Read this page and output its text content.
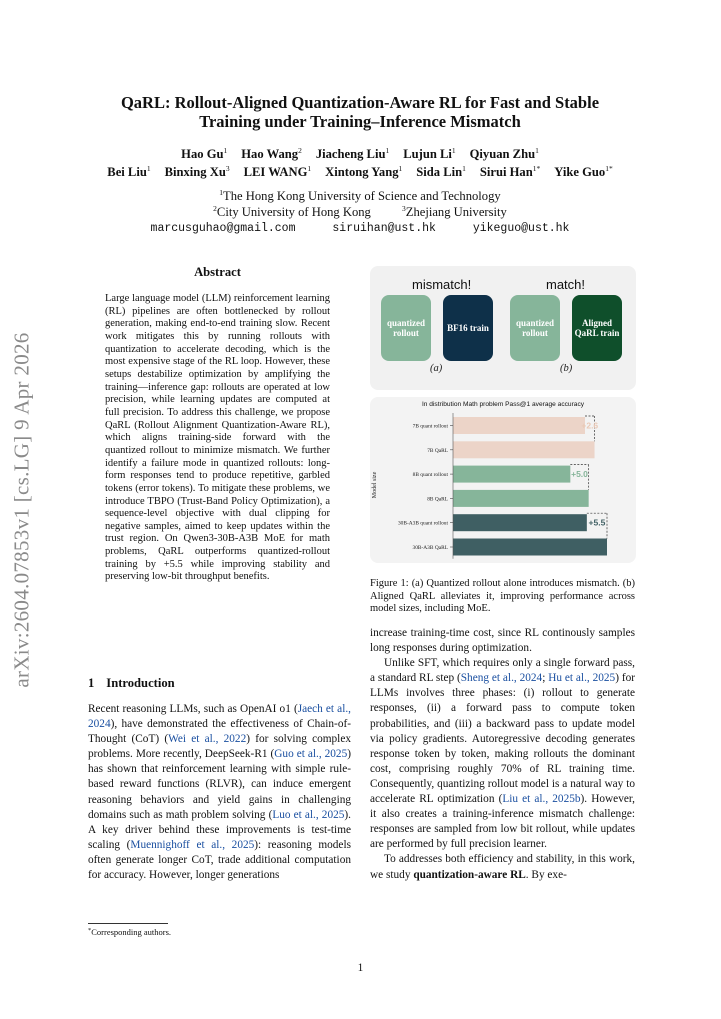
arXiv:2604.07853v1 [cs.LG] 9 Apr 2026
QaRL: Rollout-Aligned Quantization-Aware RL for Fast and Stable
Training under Training–Inference Mismatch
Hao Gu$^1$ Hao Wang$^2$ Jiacheng Liu$^1$ Lujun Li$^1$ Qiyuan Zhu$^1$
Bei Liu$^1$ Binxing Xu$^3$ LEI WANG$^1$ Xintong Yang$^1$ Sida Lin$^1$ Sirui Han$^{1*}$ Yike Guo$^{1*}$
$^1$The Hong Kong University of Science and Technology
$^2$City University of Hong Kong	$^3$Zhejiang University
marcusguhao@gmail.com	siruihan@ust.hk	yikeguo@ust.hk
Abstract
Large language model (LLM) reinforcement learning (RL) pipelines are often bottlenecked by rollout generation, making end-to-end training slow. Recent work mitigates this by running rollouts with quantization to accelerate decoding, which is the most expensive stage of the RL loop. However, these setups destabilize optimization by amplifying the training—inference gap: rollouts are operated at low precision, while learning updates are computed at full precision. To address this challenge, we propose QaRL (Rollout Alignment Quantization-Aware RL), which aligns training-side forward with the quantized rollout to minimize mismatch. We further identify a failure mode in quantized rollouts: long-form responses tend to produce repetitive, garbled tokens (error tokens). To mitigate these problems, we introduce TBPO (Trust-Band Policy Optimization), a sequence-level objective with dual clipping for negative samples, aimed to keep updates within the trust region. On Qwen3-30B-A3B MoE for math problems, QaRL outperforms quantized-rollout training by +5.5 while improving stability and preserving low-bit throughput benefits.
1 Introduction
Recent reasoning LLMs, such as OpenAI o1 (Jaech et al., 2024), have demonstrated the effectiveness of Chain-of-Thought (CoT) (Wei et al., 2022) for solving complex problems. More recently, DeepSeek-R1 (Guo et al., 2025) has shown that reinforcement learning with simple rule-based reward functions (RLVR), can induce emergent reasoning behaviors and yield gains in challenging domains such as math problem solving (Luo et al., 2025). A key driver behind these improvements is test-time scaling (Muennighoff et al., 2025): reasoning models often generate longer CoT, trade additional computation for accuracy. However, longer generations
*Corresponding authors.
mismatch!	match!
quantized rollout	BF16 train	quantized rollout
Aligned QaRL train
(a)	(b)
In distribution Math problem Pass@1 average accuracy
Model size
7B quant rollout
7B QaRL
8B quant rollout
8B QaRL
30B-A3B quant rollout
30B-A3B QaRL
+2.6
+5.0
+5.5
Figure 1: (a) Quantized rollout alone introduces mismatch. (b) Aligned QaRL alleviates it, improving performance across model sizes, including MoE.

increase training-time cost, since RL continously samples long responses during optimization.

Unlike SFT, which requires only a single forward pass, a standard RL step (Sheng et al., 2024; Hu et al., 2025) for LLMs involves three phases: (i) rollout to generate responses, (ii) a forward pass to compute token probabilities, and (iii) a backward pass to update model via policy gradients. Autoregressive decoding generates response token by token, making rollouts the dominant cost, comprising roughly 70% of RL training time. Consequently, quantizing rollout model is a natural way to accelerate RL optimization (Liu et al., 2025b). However, it also creates a training-inference mismatch challenge: responses are sampled from low bit rollout, while updates are performed by full precision learner.

To addresses both efficiency and stability, in this work, we study quantization-aware RL. By exe-

1
